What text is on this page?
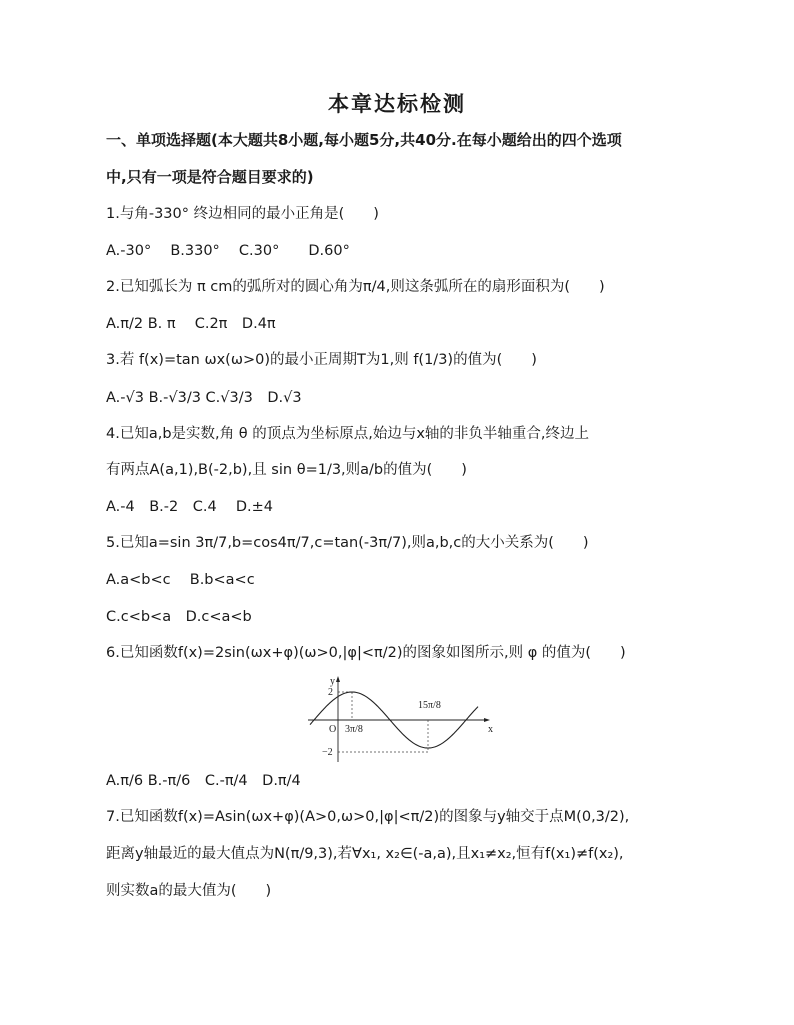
本章达标检测
一、单项选择题(本大题共8小题,每小题5分,共40分.在每小题给出的四个选项
中,只有一项是符合题目要求的)
1.与角-330° 终边相同的最小正角是(　　)
A.-30°　 B.330°　 C.30°　　D.60°
2.已知弧长为 π cm的弧所对的圆心角为π/4,则这条弧所在的扇形面积为(　　)
A.π/2 B. π　 C.2π　D.4π
3.若 f(x)=tan ωx(ω>0)的最小正周期T为1,则 f(1/3)的值为(　　)
A.-√3 B.-√3/3 C.√3/3　D.√3
4.已知a,b是实数,角 θ 的顶点为坐标原点,始边与x轴的非负半轴重合,终边上
有两点A(a,1),B(-2,b),且 sin θ=1/3,则a/b的值为(　　)
A.-4　B.-2　C.4　 D.±4
5.已知a=sin 3π/7,b=cos4π/7,c=tan(-3π/7),则a,b,c的大小关系为(　　)
A.a<b<c　 B.b<a<c
C.c<b<a　D.c<a<b
6.已知函数f(x)=2sin(ωx+φ)(ω>0,|φ|<π/2)的图象如图所示,则 φ 的值为(　　)
y
x
O
2
−2
3π/8
15π/8
A.π/6 B.-π/6　C.-π/4　D.π/4
7.已知函数f(x)=Asin(ωx+φ)(A>0,ω>0,|φ|<π/2)的图象与y轴交于点M(0,3/2),
距离y轴最近的最大值点为N(π/9,3),若∀x₁, x₂∈(-a,a),且x₁≠x₂,恒有f(x₁)≠f(x₂),
则实数a的最大值为(　　)
